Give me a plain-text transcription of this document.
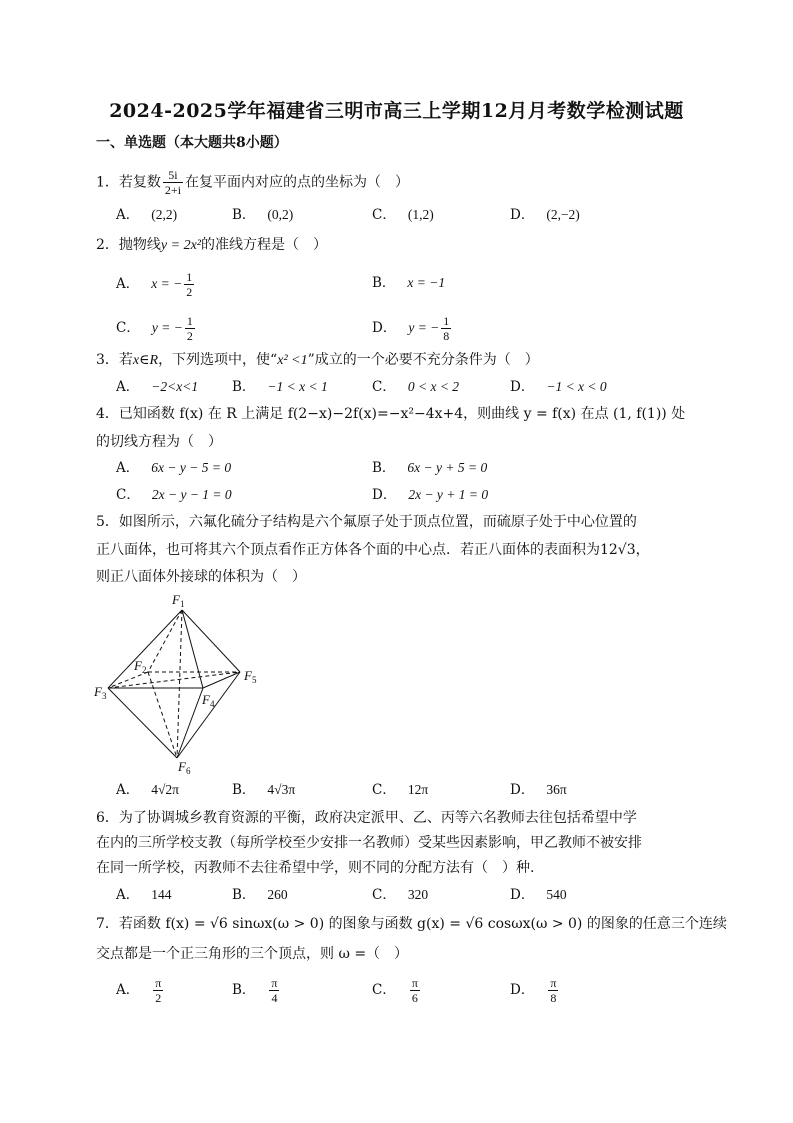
2024-2025学年福建省三明市高三上学期12月月考数学检测试题
一、单选题（本大题共8小题）
1．若复数 $\frac{5i}{2+i}$ 在复平面内对应的点的坐标为（　）
A． (2,2)	B． (0,2)	C． (1,2)	D． (2,−2)
2．抛物线y = 2x²的准线方程是（　）
A． x = − $\frac{1}{2}$	B． x = −1
C． y = − $\frac{1}{2}$	D． y = − $\frac{1}{8}$
3．若x∈R，下列选项中，使“x² <1”成立的一个必要不充分条件为（　）
A． −2<x<1	B． −1 < x < 1	C． 0 < x < 2	D． −1 < x < 0
4．已知函数 f(x) 在 R 上满足 f(2−x)−2f(x)=−x²−4x+4，则曲线 y = f(x) 在点 (1, f(1)) 处
的切线方程为（　）
A． 6x − y − 5 = 0	B． 6x − y + 5 = 0
C． 2x − y − 1 = 0	D． 2x − y + 1 = 0
5．如图所示，六氟化硫分子结构是六个氟原子处于顶点位置，而硫原子处于中心位置的
正八面体，也可将其六个顶点看作正方体各个面的中心点．若正八面体的表面积为12√3，
则正八面体外接球的体积为（　）
$F_1$
$F_2$
$F_3$	$F_4$
$F_5$
$F_6$
A． 4√2π	B． 4√3π	C． 12π	D． 36π
6．为了协调城乡教育资源的平衡，政府决定派甲、乙、丙等六名教师去往包括希望中学
在内的三所学校支教（每所学校至少安排一名教师）受某些因素影响，甲乙教师不被安排
在同一所学校，丙教师不去往希望中学，则不同的分配方法有（　）种.
A． 144	B． 260	C． 320	D． 540
7．若函数 f(x) = √6 sinωx(ω > 0) 的图象与函数 g(x) = √6 cosωx(ω > 0) 的图象的任意三个连续
交点都是一个正三角形的三个顶点，则 ω =（　）
A． $\frac{\pi}{2}$	B． $\frac{\pi}{4}$	C． $\frac{\pi}{6}$	D． $\frac{\pi}{8}$
